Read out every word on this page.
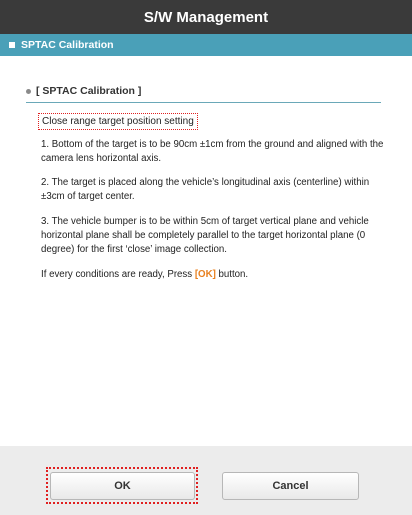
S/W Management
SPTAC Calibration
[ SPTAC Calibration ]
Close range target position setting
1. Bottom of the target is to be 90cm ±1cm from the ground and aligned with the camera lens horizontal axis.
2. The target is placed along the vehicle’s longitudinal axis (centerline) within ±3cm of target center.
3. The vehicle bumper is to be within 5cm of target vertical plane and vehicle horizontal plane shall be completely parallel to the target horizontal plane (0 degree) for the first ‘close’ image collection.
If every conditions are ready, Press [OK] button.
OK	Cancel
